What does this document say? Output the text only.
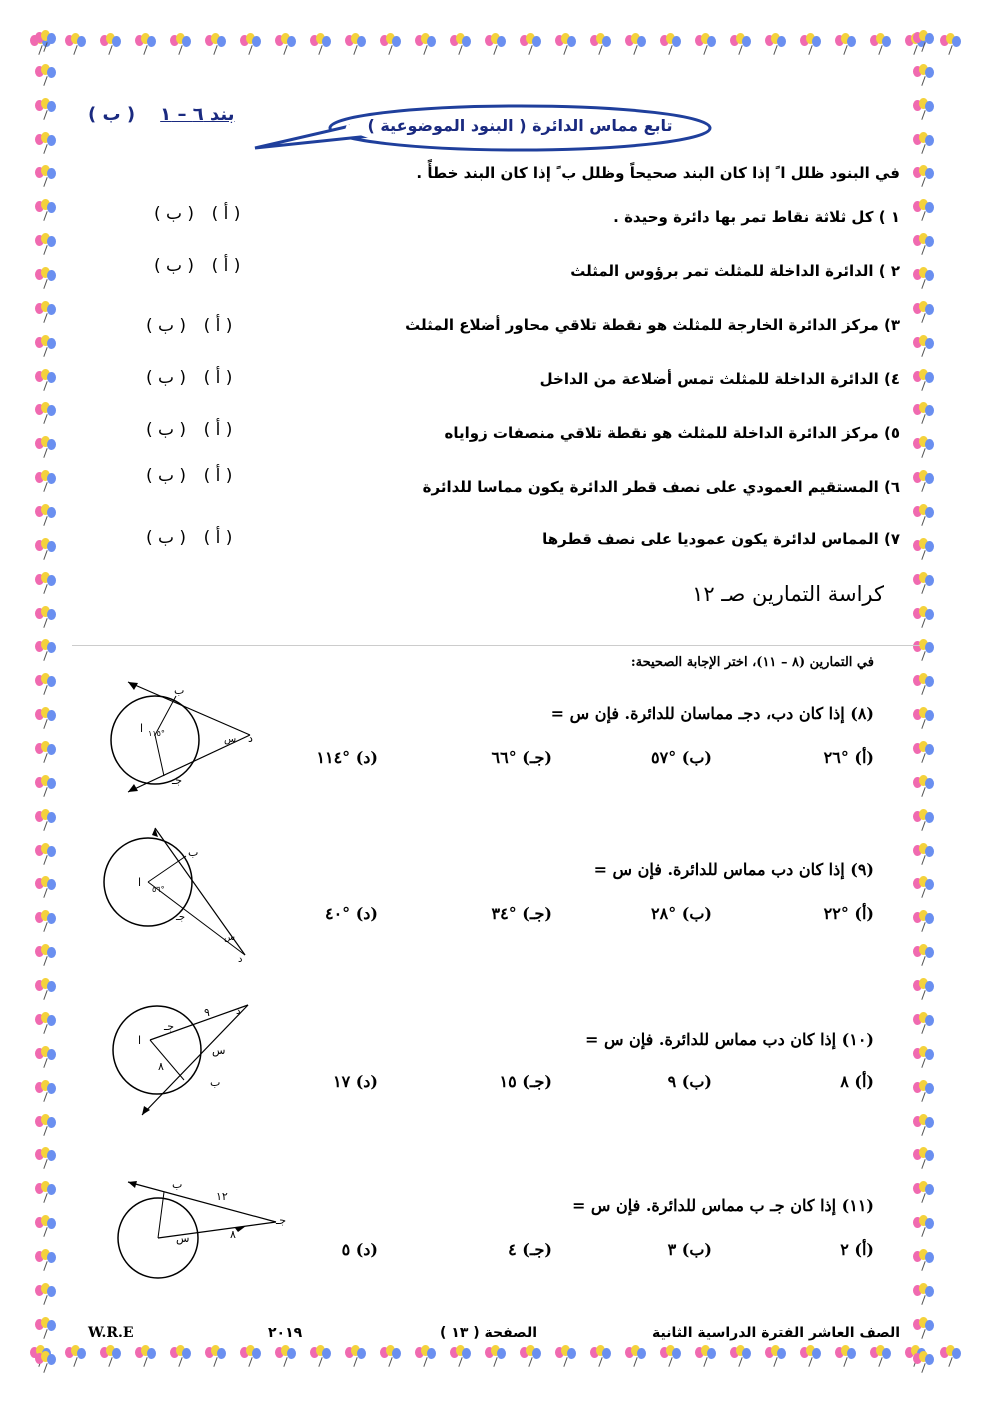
( ب ) بند ٦ – ١
تابع مماس الدائرة ( البنود الموضوعية )
في البنود ظلل ا ً إذا كان البند صحيحاً وظلل ب ً إذا كان البند خطأً .
١ ) كل ثلاثة نقاط تمر بها دائرة وحيدة .
( ب ) ( أ )
٢ ) الدائرة الداخلة للمثلث تمر برؤوس المثلث
( ب ) ( أ )
٣) مركز الدائرة الخارجة للمثلث هو نقطة تلاقي محاور أضلاع المثلث
( ب ) ( أ )
٤) الدائرة الداخلة للمثلث تمس أضلاعة من الداخل
( ب ) ( أ )
٥) مركز الدائرة الداخلة للمثلث هو نقطة تلاقي منصفات زواياه
( ب ) ( أ )
٦) المستقيم العمودي على نصف قطر الدائرة يكون مماسا للدائرة
( ب ) ( أ )
٧) المماس لدائرة يكون عموديا على نصف قطرها
( ب ) ( أ )
كراسة التمارين صـ ١٢
في التمارين (٨ – ١١)، اختر الإجابة الصحيحة:
(٨) إذا كان دب، دجـ مماسان للدائرة. فإن س =
(أ) °٢٦
(ب) °٥٧
(جـ) °٦٦
(د) °١١٤
(٩) إذا كان دب مماس للدائرة. فإن س =
(أ) °٢٢
(ب) °٢٨
(جـ) °٣٤
(د) °٤٠
(١٠) إذا كان دب مماس للدائرة. فإن س =
(أ) ٨
(ب) ٩
(جـ) ١٥
(د) ١٧
(١١) إذا كان جـ ب مماس للدائرة. فإن س =
(أ) ٢
(ب) ٣
(جـ) ٤
(د) ٥
ب
جـ
د
ا ١١٥°
س
ب
ا
٥٦°
جـ
س
د
ا
جـ
٩	د
س
٨
ب
ب
١٢
جـ
٨
س
الصف العاشر الفترة الدراسية الثانية
الصفحة ( ١٣ )
٢٠١٩
W.R.E
